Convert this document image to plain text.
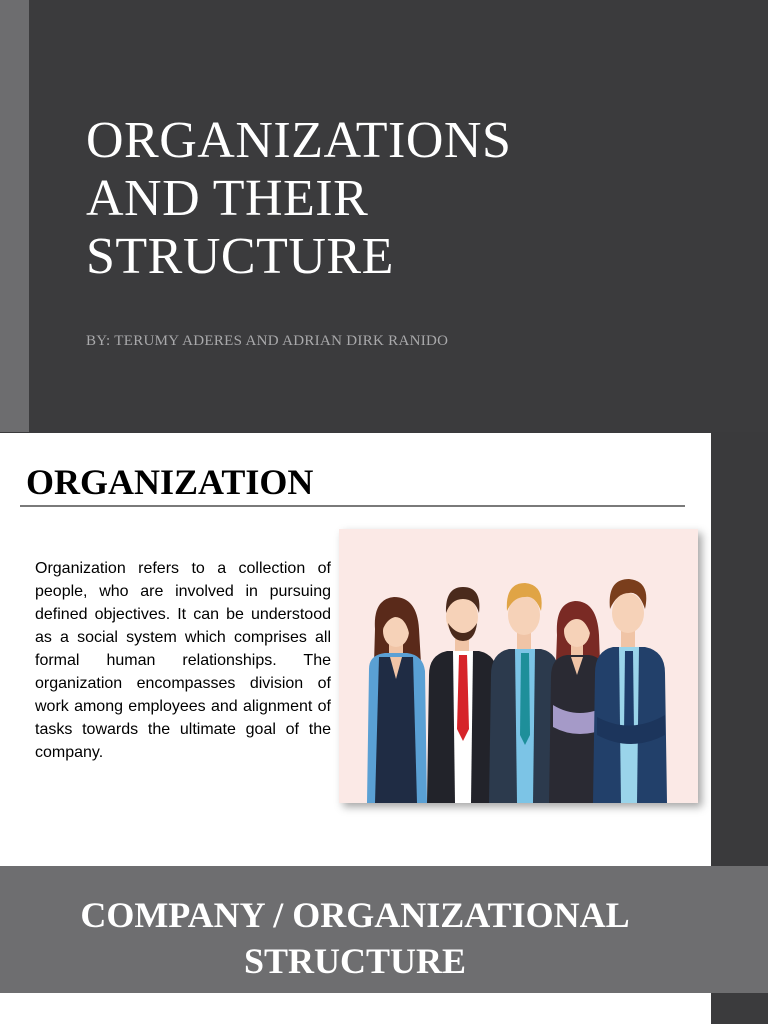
ORGANIZATIONS
AND THEIR
STRUCTURE

BY: TERUMY ADERES AND ADRIAN DIRK RANIDO

ORGANIZATION

Organization refers to a collection of people, who are involved in pursuing defined objectives. It can be understood as a social system which comprises all formal human relationships. The organization encompasses division of work among employees and alignment of tasks towards the ultimate goal of the company.

COMPANY / ORGANIZATIONAL
STRUCTURE
